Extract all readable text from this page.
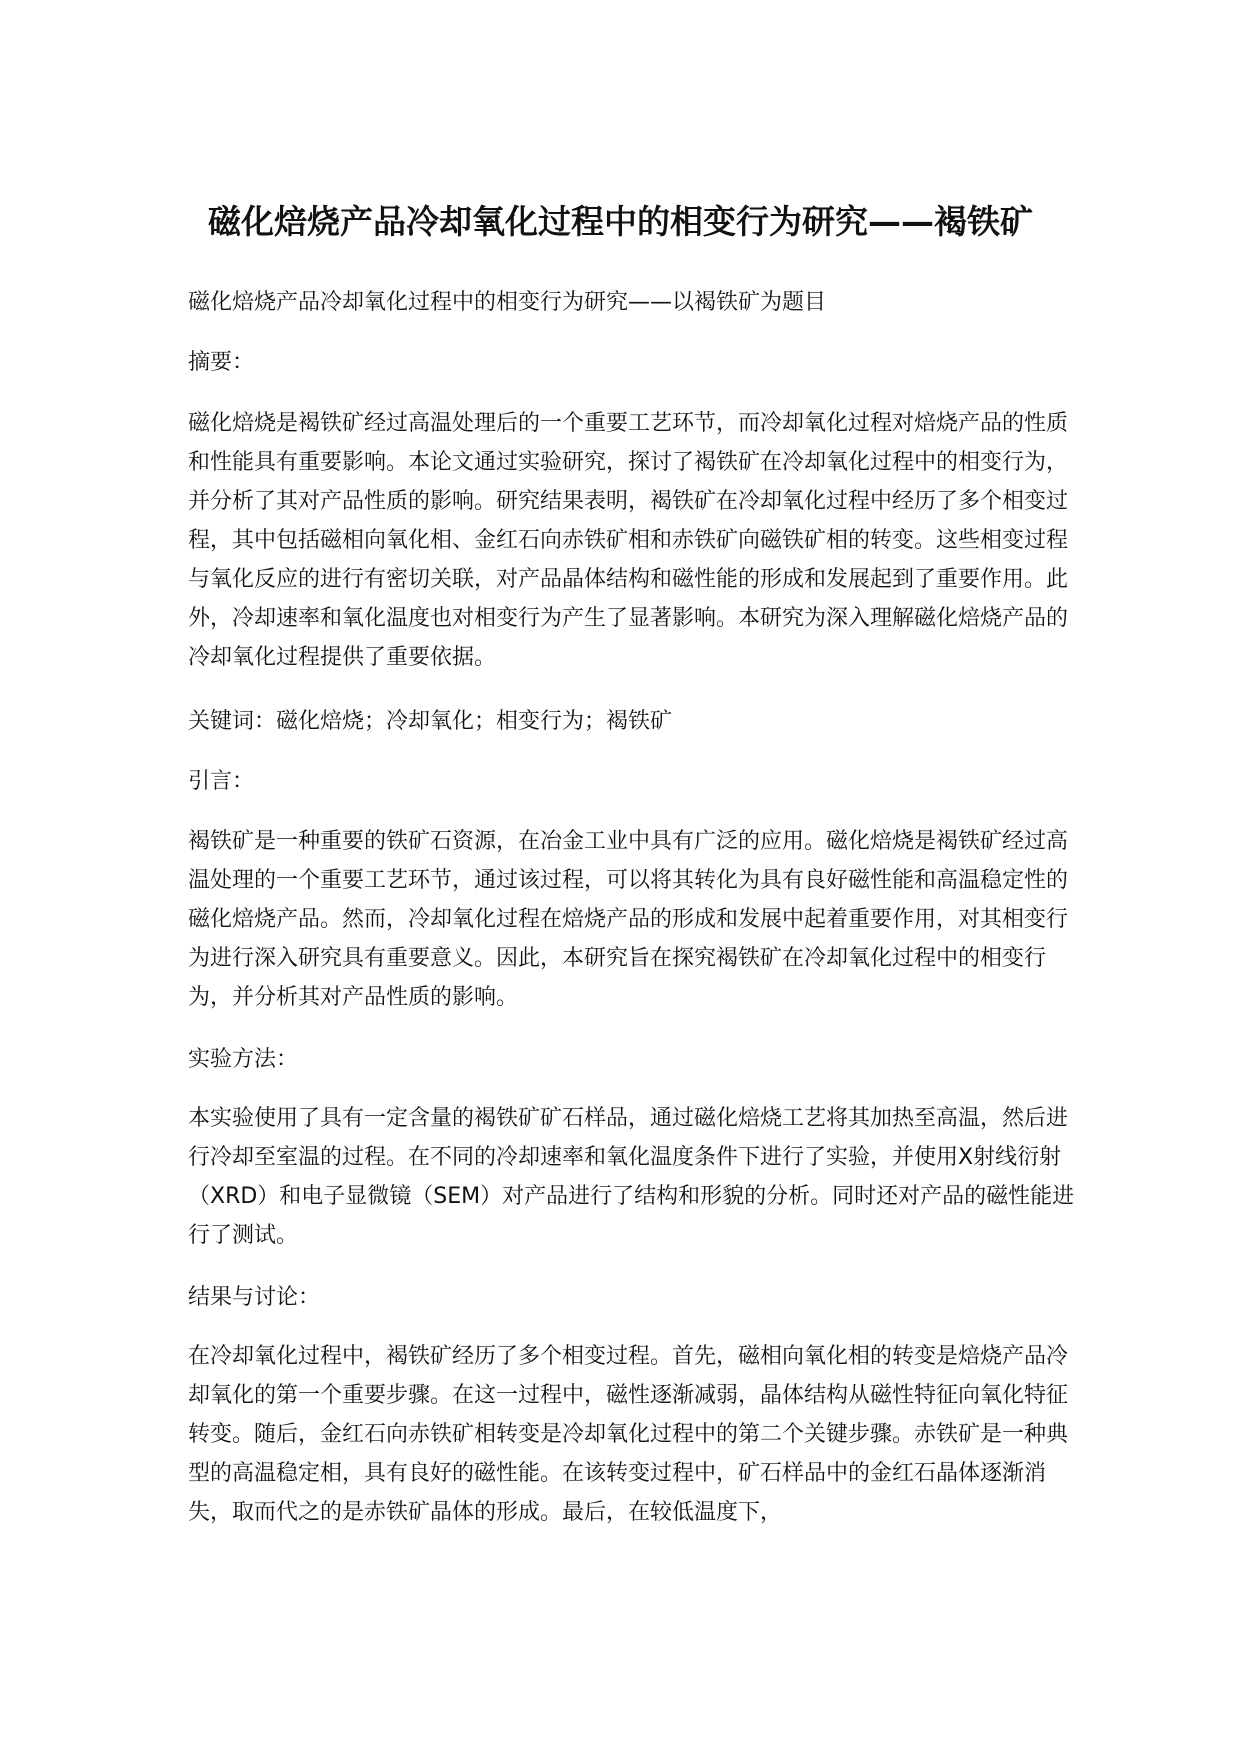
磁化焙烧产品冷却氧化过程中的相变行为研究——褐铁矿

磁化焙烧产品冷却氧化过程中的相变行为研究——以褐铁矿为题目

摘要：

磁化焙烧是褐铁矿经过高温处理后的一个重要工艺环节，而冷却氧化过程对焙烧产品的性质和性能具有重要影响。本论文通过实验研究，探讨了褐铁矿在冷却氧化过程中的相变行为，并分析了其对产品性质的影响。研究结果表明，褐铁矿在冷却氧化过程中经历了多个相变过程，其中包括磁相向氧化相、金红石向赤铁矿相和赤铁矿向磁铁矿相的转变。这些相变过程与氧化反应的进行有密切关联，对产品晶体结构和磁性能的形成和发展起到了重要作用。此外，冷却速率和氧化温度也对相变行为产生了显著影响。本研究为深入理解磁化焙烧产品的冷却氧化过程提供了重要依据。

关键词：磁化焙烧；冷却氧化；相变行为；褐铁矿

引言：

褐铁矿是一种重要的铁矿石资源，在冶金工业中具有广泛的应用。磁化焙烧是褐铁矿经过高温处理的一个重要工艺环节，通过该过程，可以将其转化为具有良好磁性能和高温稳定性的磁化焙烧产品。然而，冷却氧化过程在焙烧产品的形成和发展中起着重要作用，对其相变行为进行深入研究具有重要意义。因此，本研究旨在探究褐铁矿在冷却氧化过程中的相变行为，并分析其对产品性质的影响。

实验方法：

本实验使用了具有一定含量的褐铁矿矿石样品，通过磁化焙烧工艺将其加热至高温，然后进行冷却至室温的过程。在不同的冷却速率和氧化温度条件下进行了实验，并使用X射线衍射（XRD）和电子显微镜（SEM）对产品进行了结构和形貌的分析。同时还对产品的磁性能进行了测试。

结果与讨论：

在冷却氧化过程中，褐铁矿经历了多个相变过程。首先，磁相向氧化相的转变是焙烧产品冷却氧化的第一个重要步骤。在这一过程中，磁性逐渐减弱，晶体结构从磁性特征向氧化特征转变。随后，金红石向赤铁矿相转变是冷却氧化过程中的第二个关键步骤。赤铁矿是一种典型的高温稳定相，具有良好的磁性能。在该转变过程中，矿石样品中的金红石晶体逐渐消失，取而代之的是赤铁矿晶体的形成。最后，在较低温度下，
